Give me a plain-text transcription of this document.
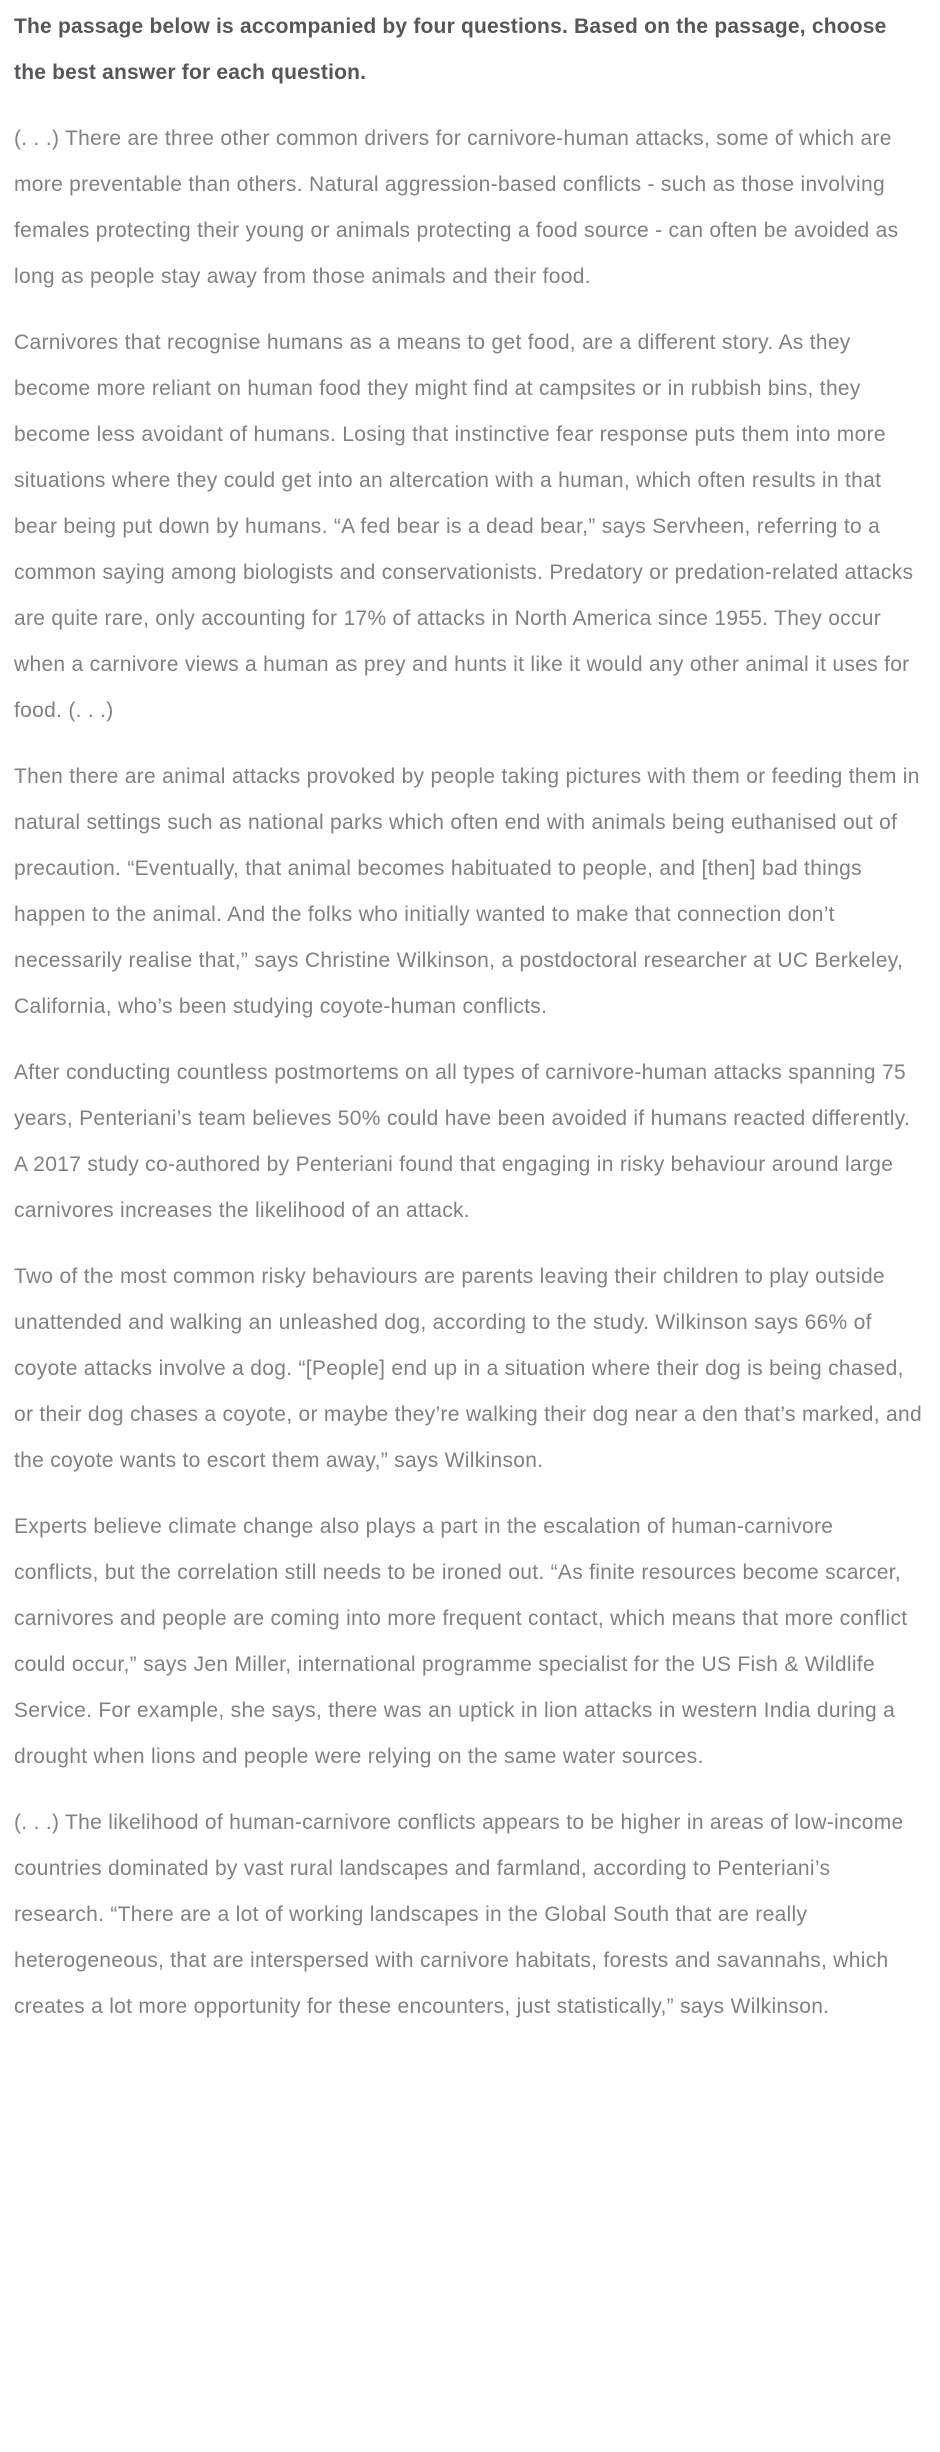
The passage below is accompanied by four questions. Based on the passage, choose the best answer for each question.

(. . .) There are three other common drivers for carnivore-human attacks, some of which are more preventable than others. Natural aggression-based conflicts - such as those involving females protecting their young or animals protecting a food source - can often be avoided as long as people stay away from those animals and their food.

Carnivores that recognise humans as a means to get food, are a different story. As they become more reliant on human food they might find at campsites or in rubbish bins, they become less avoidant of humans. Losing that instinctive fear response puts them into more situations where they could get into an altercation with a human, which often results in that bear being put down by humans. “A fed bear is a dead bear,” says Servheen, referring to a common saying among biologists and conservationists. Predatory or predation-related attacks are quite rare, only accounting for 17% of attacks in North America since 1955. They occur when a carnivore views a human as prey and hunts it like it would any other animal it uses for food. (. . .)

Then there are animal attacks provoked by people taking pictures with them or feeding them in natural settings such as national parks which often end with animals being euthanised out of precaution. “Eventually, that animal becomes habituated to people, and [then] bad things happen to the animal. And the folks who initially wanted to make that connection don’t necessarily realise that,” says Christine Wilkinson, a postdoctoral researcher at UC Berkeley, California, who’s been studying coyote-human conflicts.

After conducting countless postmortems on all types of carnivore-human attacks spanning 75 years, Penteriani’s team believes 50% could have been avoided if humans reacted differently. A 2017 study co-authored by Penteriani found that engaging in risky behaviour around large carnivores increases the likelihood of an attack.

Two of the most common risky behaviours are parents leaving their children to play outside unattended and walking an unleashed dog, according to the study. Wilkinson says 66% of coyote attacks involve a dog. “[People] end up in a situation where their dog is being chased, or their dog chases a coyote, or maybe they’re walking their dog near a den that’s marked, and the coyote wants to escort them away,” says Wilkinson.

Experts believe climate change also plays a part in the escalation of human-carnivore conflicts, but the correlation still needs to be ironed out. “As finite resources become scarcer, carnivores and people are coming into more frequent contact, which means that more conflict could occur,” says Jen Miller, international programme specialist for the US Fish & Wildlife Service. For example, she says, there was an uptick in lion attacks in western India during a drought when lions and people were relying on the same water sources.

(. . .) The likelihood of human-carnivore conflicts appears to be higher in areas of low-income countries dominated by vast rural landscapes and farmland, according to Penteriani’s research. “There are a lot of working landscapes in the Global South that are really heterogeneous, that are interspersed with carnivore habitats, forests and savannahs, which creates a lot more opportunity for these encounters, just statistically,” says Wilkinson.
